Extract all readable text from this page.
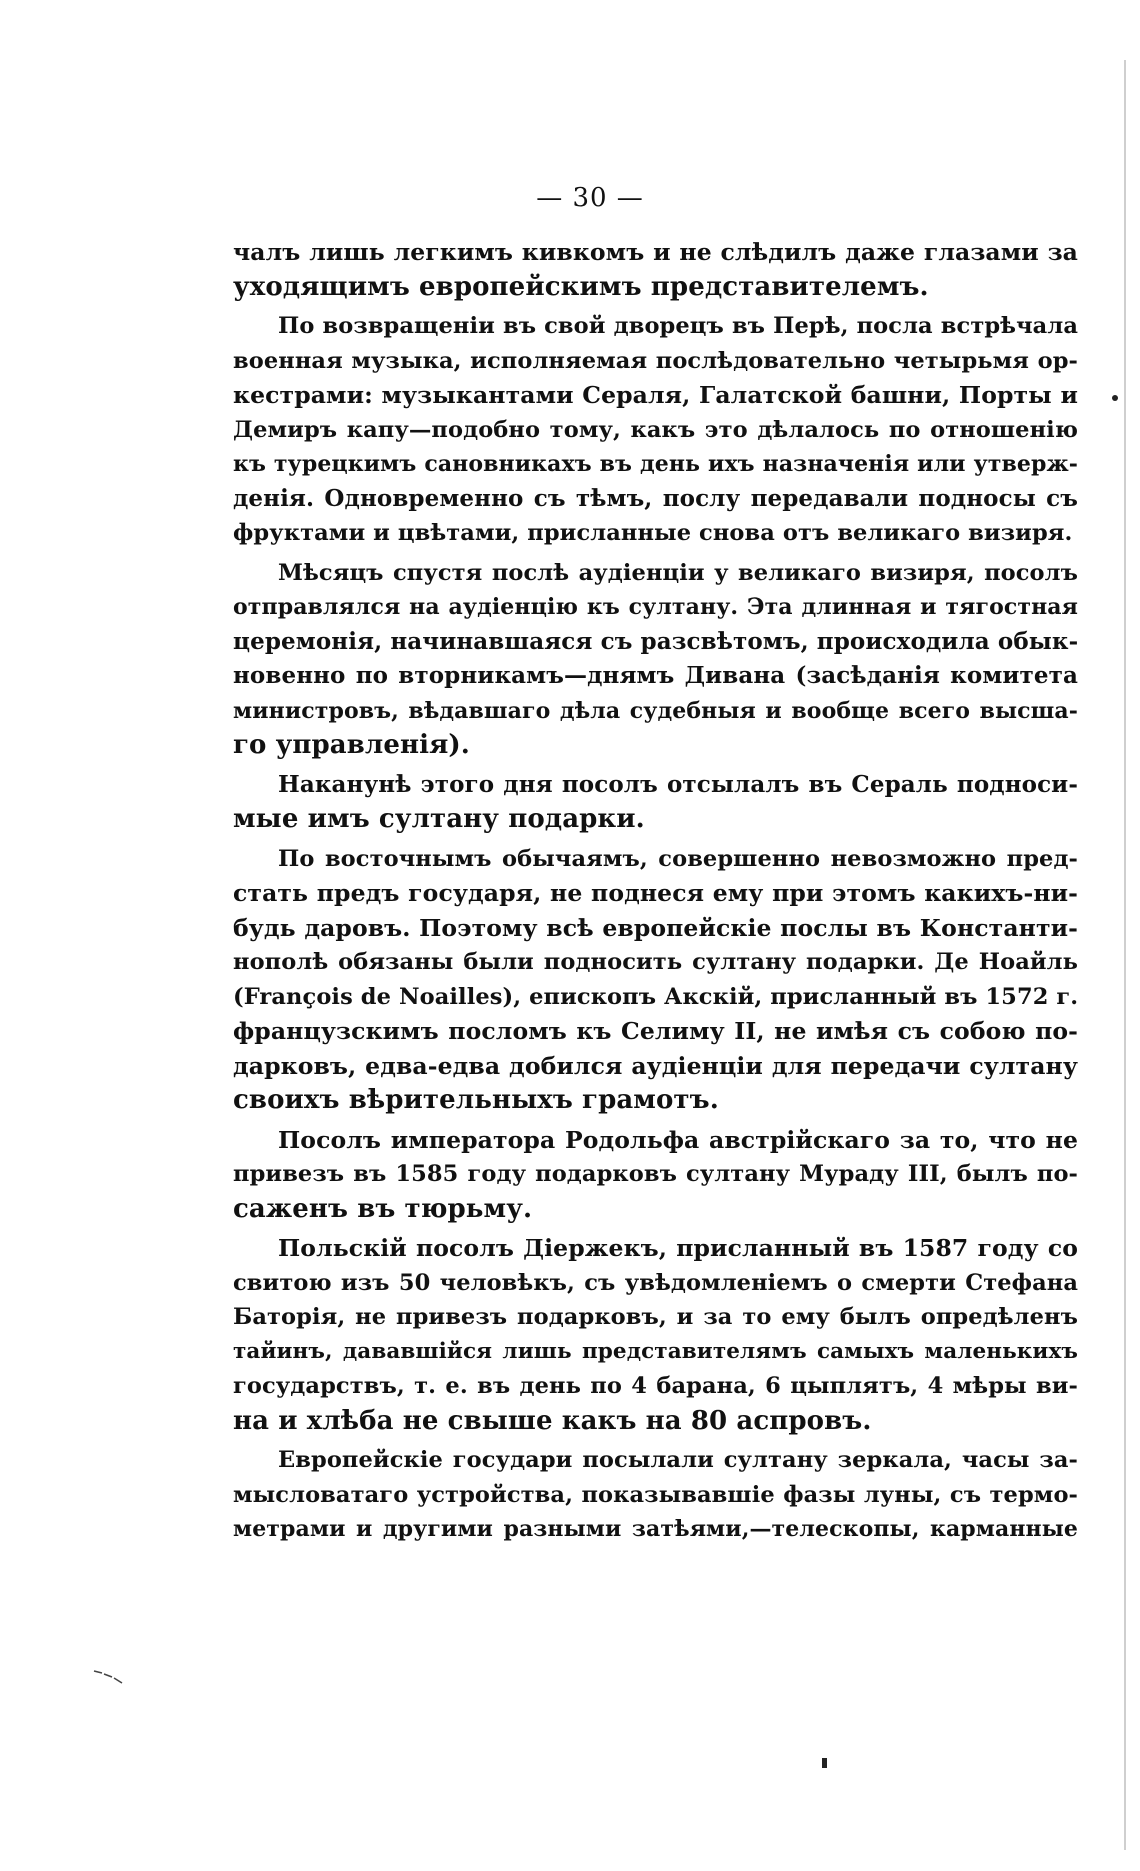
— 30 —
чалъ лишь легкимъ кивкомъ и не слѣдилъ даже глазами за
уходящимъ европейскимъ представителемъ.
По возвращеніи въ свой дворецъ въ Перѣ, посла встрѣчала
военная музыка, исполняемая послѣдовательно четырьмя ор-
кестрами: музыкантами Сераля, Галатской башни, Порты и
Демиръ капу—подобно тому, какъ это дѣлалось по отношенію
къ турецкимъ сановникахъ въ день ихъ назначенія или утверж-
денія. Одновременно съ тѣмъ, послу передавали подносы съ
фруктами и цвѣтами, присланные снова отъ великаго визиря.
Мѣсяцъ спустя послѣ аудіенціи у великаго визиря, посолъ
отправлялся на аудіенцію къ султану. Эта длинная и тягостная
церемонія, начинавшаяся съ разсвѣтомъ, происходила обык-
новенно по вторникамъ—днямъ Дивана (засѣданія комитета
министровъ, вѣдавшаго дѣла судебныя и вообще всего высша-
го управленія).
Наканунѣ этого дня посолъ отсылалъ въ Сераль подноси-
мые имъ султану подарки.
По восточнымъ обычаямъ, совершенно невозможно пред-
стать предъ государя, не поднеся ему при этомъ какихъ-ни-
будь даровъ. Поэтому всѣ европейскіе послы въ Константи-
нополѣ обязаны были подносить султану подарки. Де Ноайль
(François de Noailles), епископъ Акскій, присланный въ 1572 г.
французскимъ посломъ къ Селиму II, не имѣя съ собою по-
дарковъ, едва-едва добился аудіенціи для передачи султану
своихъ вѣрительныхъ грамотъ.
Посолъ императора Родольфа австрійскаго за то, что не
привезъ въ 1585 году подарковъ султану Мураду III, былъ по-
саженъ въ тюрьму.
Польскій посолъ Діержекъ, присланный въ 1587 году со
свитою изъ 50 человѣкъ, съ увѣдомленіемъ о смерти Стефана
Баторія, не привезъ подарковъ, и за то ему былъ опредѣленъ
тайинъ, дававшійся лишь представителямъ самыхъ маленькихъ
государствъ, т. е. въ день по 4 барана, 6 цыплятъ, 4 мѣры ви-
на и хлѣба не свыше какъ на 80 аспровъ.
Европейскіе государи посылали султану зеркала, часы за-
мысловатаго устройства, показывавшіе фазы луны, съ термо-
метрами и другими разными затѣями,—телескопы, карманные
